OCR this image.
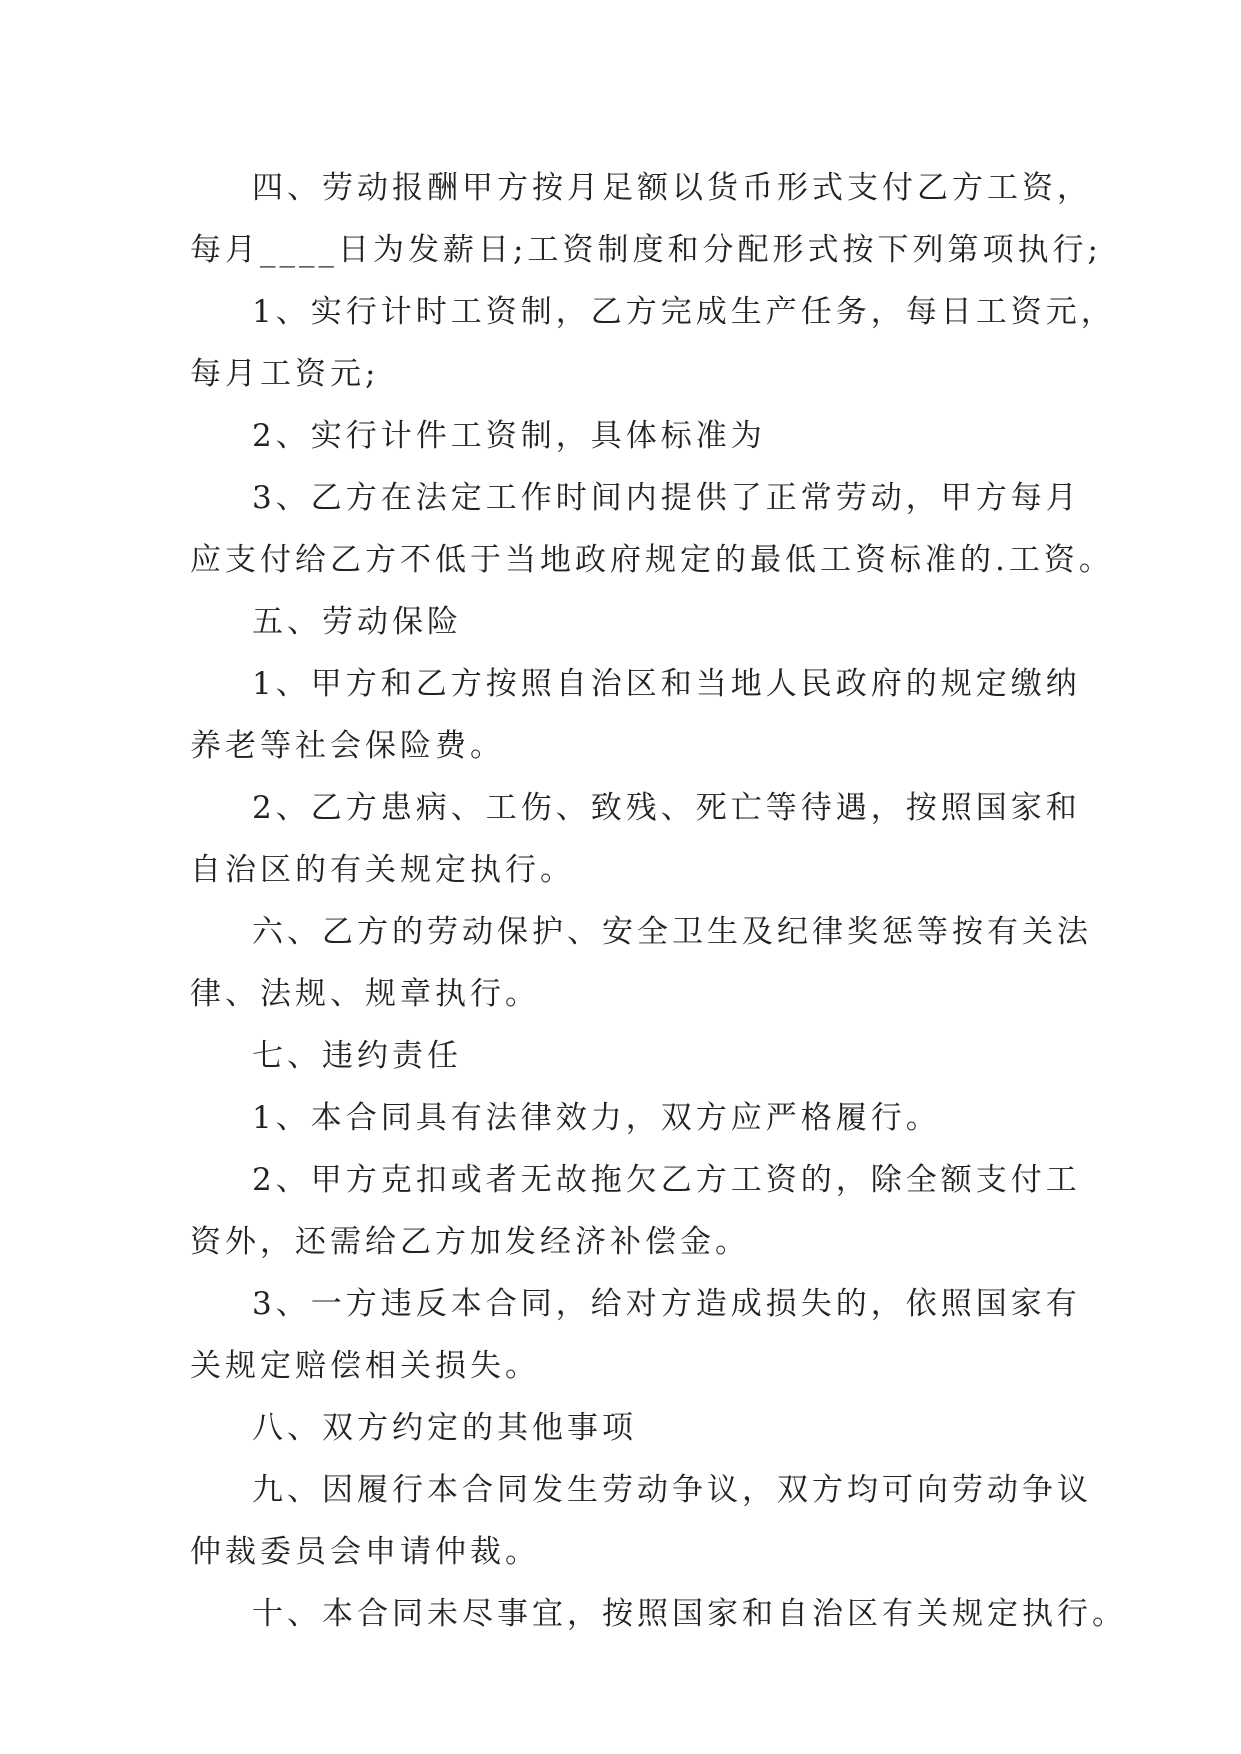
四、劳动报酬甲方按月足额以货币形式支付乙方工资，
每月____日为发薪日;工资制度和分配形式按下列第项执行;
1、实行计时工资制，乙方完成生产任务，每日工资元，
每月工资元;
2、实行计件工资制，具体标准为
3、乙方在法定工作时间内提供了正常劳动，甲方每月
应支付给乙方不低于当地政府规定的最低工资标准的.工资。
五、劳动保险
1、甲方和乙方按照自治区和当地人民政府的规定缴纳
养老等社会保险费。
2、乙方患病、工伤、致残、死亡等待遇，按照国家和
自治区的有关规定执行。
六、乙方的劳动保护、安全卫生及纪律奖惩等按有关法
律、法规、规章执行。
七、违约责任
1、本合同具有法律效力，双方应严格履行。
2、甲方克扣或者无故拖欠乙方工资的，除全额支付工
资外，还需给乙方加发经济补偿金。
3、一方违反本合同，给对方造成损失的，依照国家有
关规定赔偿相关损失。
八、双方约定的其他事项
九、因履行本合同发生劳动争议，双方均可向劳动争议
仲裁委员会申请仲裁。
十、本合同未尽事宜，按照国家和自治区有关规定执行。
